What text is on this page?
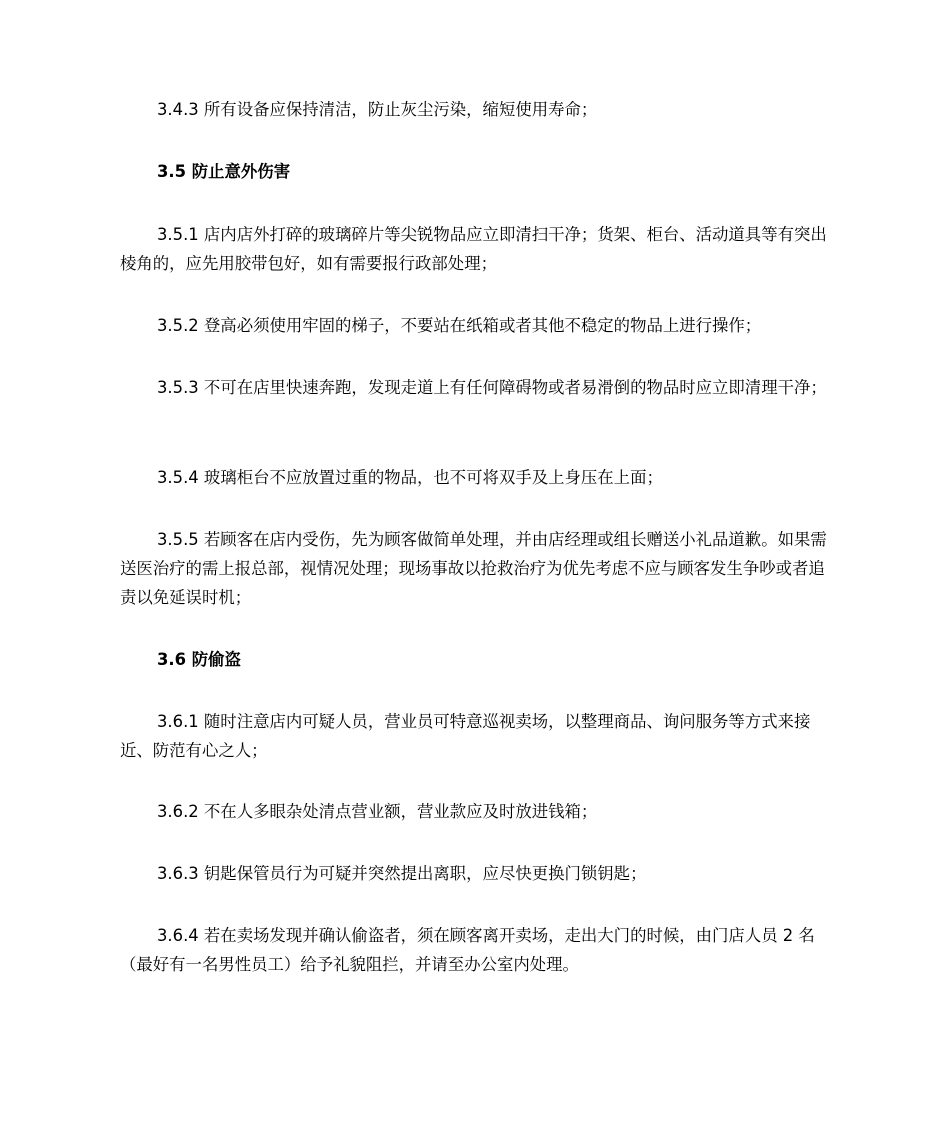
3.4.3 所有设备应保持清洁，防止灰尘污染，缩短使用寿命；

3.5 防止意外伤害

3.5.1 店内店外打碎的玻璃碎片等尖锐物品应立即清扫干净；货架、柜台、活动道具等有突出棱角的，应先用胶带包好，如有需要报行政部处理；

3.5.2 登高必须使用牢固的梯子，不要站在纸箱或者其他不稳定的物品上进行操作；

3.5.3 不可在店里快速奔跑，发现走道上有任何障碍物或者易滑倒的物品时应立即清理干净；

3.5.4 玻璃柜台不应放置过重的物品，也不可将双手及上身压在上面；

3.5.5 若顾客在店内受伤，先为顾客做简单处理，并由店经理或组长赠送小礼品道歉。如果需送医治疗的需上报总部，视情况处理；现场事故以抢救治疗为优先考虑不应与顾客发生争吵或者追责以免延误时机；

3.6 防偷盗

3.6.1 随时注意店内可疑人员，营业员可特意巡视卖场，以整理商品、询问服务等方式来接近、防范有心之人；

3.6.2 不在人多眼杂处清点营业额，营业款应及时放进钱箱；

3.6.3 钥匙保管员行为可疑并突然提出离职，应尽快更换门锁钥匙；

3.6.4 若在卖场发现并确认偷盗者，须在顾客离开卖场，走出大门的时候，由门店人员 2 名（最好有一名男性员工）给予礼貌阻拦，并请至办公室内处理。
